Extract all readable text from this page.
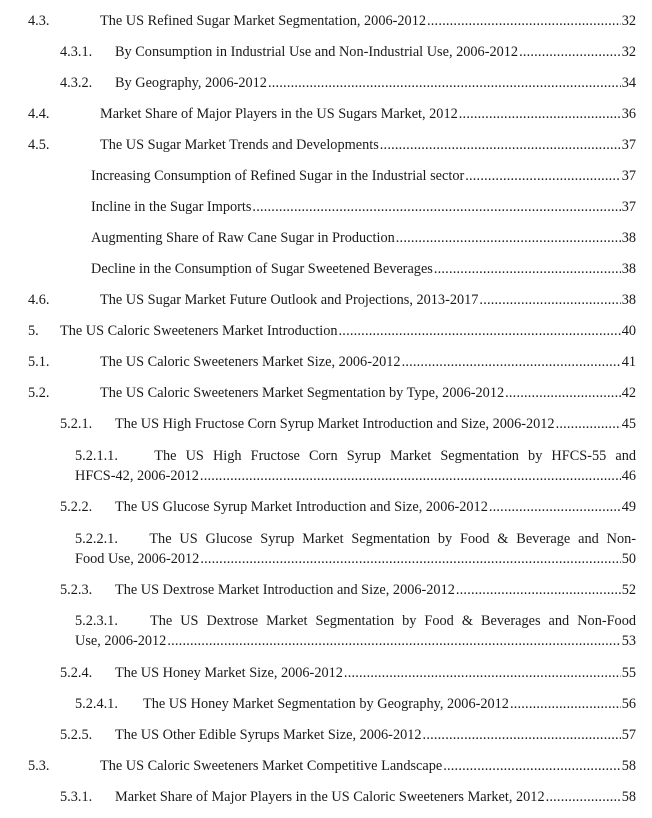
4.3.	The US Refined Sugar Market Segmentation, 2006-2012 .....	32
4.3.1. By Consumption in Industrial Use and Non-Industrial Use, 2006-2012 .....	32
4.3.2. By Geography, 2006-2012 .....	34
4.4.	Market Share of Major Players in the US Sugars Market, 2012 .....	36
4.5.	The US Sugar Market Trends and Developments .....	37
Increasing Consumption of Refined Sugar in the Industrial sector .....	37
Incline in the Sugar Imports .....	37
Augmenting Share of Raw Cane Sugar in Production .....	38
Decline in the Consumption of Sugar Sweetened Beverages .....	38
4.6.	The US Sugar Market Future Outlook and Projections, 2013-2017 .....	38
5. The US Caloric Sweeteners Market Introduction .....	40
5.1.	The US Caloric Sweeteners Market Size, 2006-2012 .....	41
5.2.	The US Caloric Sweeteners Market Segmentation by Type, 2006-2012 .....	42
5.2.1. The US High Fructose Corn Syrup Market Introduction and Size, 2006-2012 .....	45
5.2.1.1.	The US High Fructose Corn Syrup Market Segmentation by HFCS-55 and
HFCS-42, 2006-2012 .....	46
5.2.2. The US Glucose Syrup Market Introduction and Size, 2006-2012 .....	49
5.2.2.1. The US Glucose Syrup Market Segmentation by Food & Beverage and Non-
Food Use, 2006-2012 .....	50
5.2.3. The US Dextrose Market Introduction and Size, 2006-2012 .....	52
5.2.3.1. The US Dextrose Market Segmentation by Food & Beverages and Non-Food
Use, 2006-2012 .....	53
5.2.4. The US Honey Market Size, 2006-2012 .....	55
5.2.4.1. The US Honey Market Segmentation by Geography, 2006-2012 .....	56
5.2.5. The US Other Edible Syrups Market Size, 2006-2012 .....	57
5.3.	The US Caloric Sweeteners Market Competitive Landscape .....	58
5.3.1. Market Share of Major Players in the US Caloric Sweeteners Market, 2012 .....	58
